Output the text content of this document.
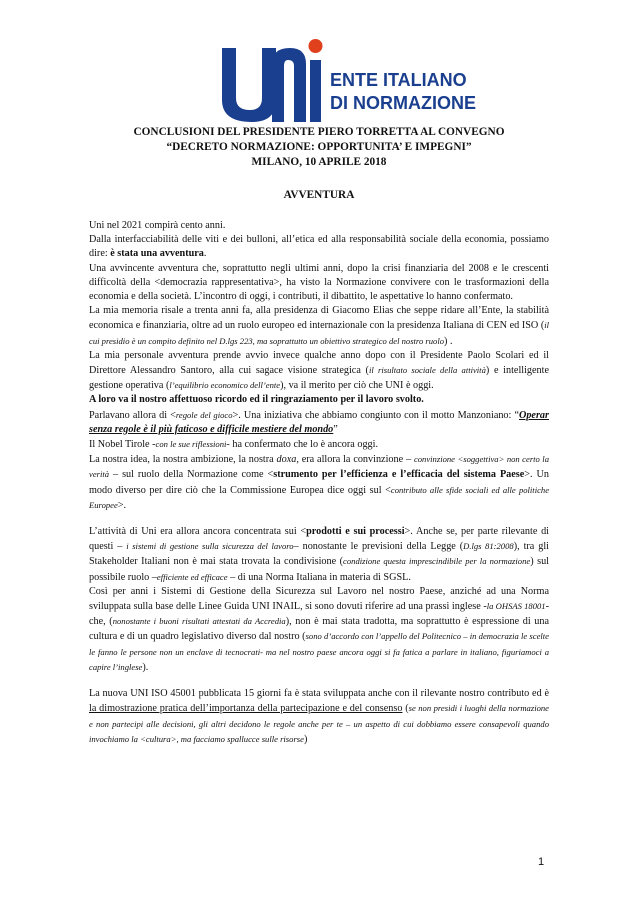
ENTE ITALIANO
DI NORMAZIONE
CONCLUSIONI DEL PRESIDENTE PIERO TORRETTA AL CONVEGNO
“DECRETO NORMAZIONE: OPPORTUNITA’ E IMPEGNI”
MILANO, 10 APRILE 2018
AVVENTURA

Uni nel 2021 compirà cento anni.

Dalla interfacciabilità delle viti e dei bulloni, all’etica ed alla responsabilità sociale della economia, possiamo dire: è stata una avventura.

Una avvincente avventura che, soprattutto negli ultimi anni, dopo la crisi finanziaria del 2008 e le crescenti difficoltà della <democrazia rappresentativa>, ha visto la Normazione convivere con le trasformazioni della economia e della società. L’incontro di oggi, i contributi, il dibattito, le aspettative lo hanno confermato.

La mia memoria risale a trenta anni fa, alla presidenza di Giacomo Elias che seppe ridare all’Ente, la stabilità economica e finanziaria, oltre ad un ruolo europeo ed internazionale con la presidenza Italiana di CEN ed ISO (il cui presidio è un compito definito nel D.lgs 223, ma soprattutto un obiettivo strategico del nostro ruolo) .

La mia personale avventura prende avvio invece qualche anno dopo con il Presidente Paolo Scolari ed il Direttore Alessandro Santoro, alla cui sagace visione strategica (il risultato sociale della attività) e intelligente gestione operativa (l’equilibrio economico dell’ente), va il merito per ciò che UNI è oggi.

A loro va il nostro affettuoso ricordo ed il ringraziamento per il lavoro svolto.

Parlavano allora di <regole del gioco>. Una iniziativa che abbiamo congiunto con il motto Manzoniano: “Operar senza regole è il più faticoso e difficile mestiere del mondo”

Il Nobel Tirole -con le sue riflessioni- ha confermato che lo è ancora oggi.

La nostra idea, la nostra ambizione, la nostra doxa, era allora la convinzione – convinzione <soggettiva> non certo la verità – sul ruolo della Normazione come <strumento per l’efficienza e l’efficacia del sistema Paese>. Un modo diverso per dire ciò che la Commissione Europea dice oggi sul <contributo alle sfide sociali ed alle politiche Europee>.

L’attività di Uni era allora ancora concentrata sui <prodotti e sui processi>. Anche se, per parte rilevante di questi – i sistemi di gestione sulla sicurezza del lavoro– nonostante le previsioni della Legge (D.lgs 81:2008), tra gli Stakeholder Italiani non è mai stata trovata la condivisione (condizione questa imprescindibile per la normazione) sul possibile ruolo –efficiente ed efficace – di una Norma Italiana in materia di SGSL.

Così per anni i Sistemi di Gestione della Sicurezza sul Lavoro nel nostro Paese, anziché ad una Norma sviluppata sulla base delle Linee Guida UNI INAIL, si sono dovuti riferire ad una prassi inglese -la OHSAS 18001- che, (nonostante i buoni risultati attestati da Accredia), non è mai stata tradotta, ma soprattutto è espressione di una cultura e di un quadro legislativo diverso dal nostro (sono d’accordo con l’appello del Politecnico – in democrazia le scelte le fanno le persone non un enclave di tecnocrati- ma nel nostro paese ancora oggi si fa fatica a parlare in italiano, figuriamoci a capire l’inglese).

La nuova UNI ISO 45001 pubblicata 15 giorni fa è stata sviluppata anche con il rilevante nostro contributo ed è la dimostrazione pratica dell’importanza della partecipazione e del consenso (se non presidi i luoghi della normazione e non partecipi alle decisioni, gli altri decidono le regole anche per te – un aspetto di cui dobbiamo essere consapevoli quando invochiamo la <cultura>, ma facciamo spallucce sulle risorse)

1
